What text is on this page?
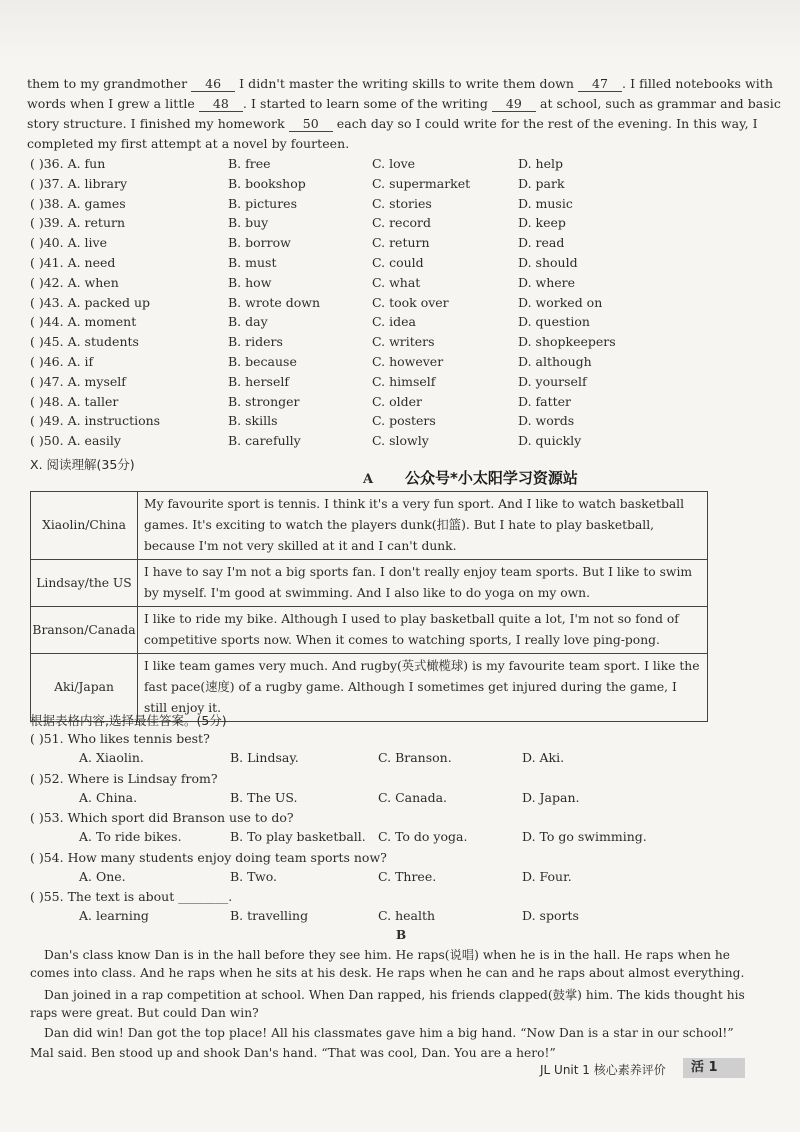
them to my grandmother 46 I didn't master the writing skills to write them down 47 . I filled notebooks with
words when I grew a little 48 . I started to learn some of the writing 49 at school, such as grammar and basic
story structure. I finished my homework 50 each day so I could write for the rest of the evening. In this way, I
completed my first attempt at a novel by fourteen.
( )36. A. fun	B. free	C. love	D. help
( )37. A. library	B. bookshop	C. supermarket	D. park
( )38. A. games	B. pictures	C. stories	D. music
( )39. A. return	B. buy	C. record	D. keep
( )40. A. live	B. borrow	C. return	D. read
( )41. A. need	B. must	C. could	D. should
( )42. A. when	B. how	C. what	D. where
( )43. A. packed up	B. wrote down	C. took over	D. worked on
( )44. A. moment	B. day	C. idea	D. question
( )45. A. students	B. riders	C. writers	D. shopkeepers
( )46. A. if	B. because	C. however	D. although
( )47. A. myself	B. herself	C. himself	D. yourself
( )48. A. taller	B. stronger	C. older	D. fatter
( )49. A. instructions	B. skills	C. posters	D. words
( )50. A. easily	B. carefully	C. slowly	D. quickly
X. 阅读理解(35分)
A 公众号*小太阳学习资源站
Xiaolin/China	My favourite sport is tennis. I think it's a very fun sport. And I like to watch basketball games. It's exciting to watch the players dunk(扣篮). But I hate to play basketball, because I'm not very skilled at it and I can't dunk.
Lindsay/the US	I have to say I'm not a big sports fan. I don't really enjoy team sports. But I like to swim by myself. I'm good at swimming. And I also like to do yoga on my own.
Branson/Canada	I like to ride my bike. Although I used to play basketball quite a lot, I'm not so fond of competitive sports now. When it comes to watching sports, I really love ping-pong.
Aki/Japan	I like team games very much. And rugby(英式橄榄球) is my favourite team sport. I like the fast pace(速度) of a rugby game. Although I sometimes get injured during the game, I still enjoy it.
根据表格内容,选择最佳答案。(5分)
( )51. Who likes tennis best?
A. Xiaolin.	B. Lindsay.	C. Branson.	D. Aki.
( )52. Where is Lindsay from?
A. China.	B. The US.	C. Canada.	D. Japan.
( )53. Which sport did Branson use to do?
A. To ride bikes.	B. To play basketball. C. To do yoga.	D. To go swimming.
( )54. How many students enjoy doing team sports now?
A. One.	B. Two.	C. Three.	D. Four.
( )55. The text is about ________.
A. learning	B. travelling	C. health	D. sports
B
Dan's class know Dan is in the hall before they see him. He raps(说唱) when he is in the hall. He raps when he
comes into class. And he raps when he sits at his desk. He raps when he can and he raps about almost everything.
Dan joined in a rap competition at school. When Dan rapped, his friends clapped(鼓掌) him. The kids thought his
raps were great. But could Dan win?
Dan did win! Dan got the top place! All his classmates gave him a big hand. “Now Dan is a star in our school!”
Mal said. Ben stood up and shook Dan's hand. “That was cool, Dan. You are a hero!”
JL Unit 1 核心素养评价	活 1
